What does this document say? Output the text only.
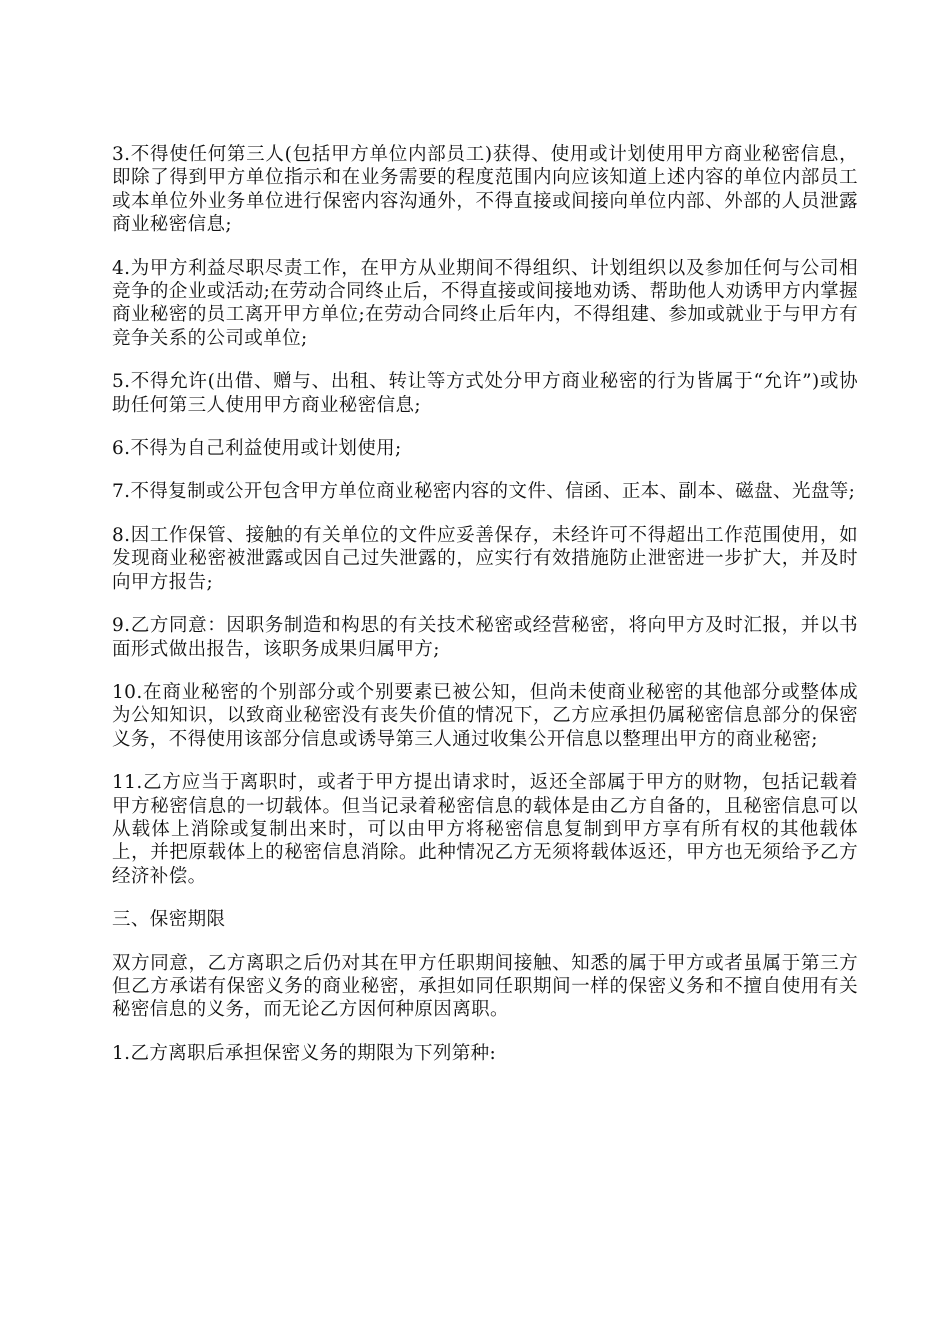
3.不得使任何第三人(包括甲方单位内部员工)获得、使用或计划使用甲方商业秘密信息，即除了得到甲方单位指示和在业务需要的程度范围内向应该知道上述内容的单位内部员工或本单位外业务单位进行保密内容沟通外，不得直接或间接向单位内部、外部的人员泄露商业秘密信息;

4.为甲方利益尽职尽责工作，在甲方从业期间不得组织、计划组织以及参加任何与公司相竞争的企业或活动;在劳动合同终止后，不得直接或间接地劝诱、帮助他人劝诱甲方内掌握商业秘密的员工离开甲方单位;在劳动合同终止后年内，不得组建、参加或就业于与甲方有竞争关系的公司或单位;

5.不得允许(出借、赠与、出租、转让等方式处分甲方商业秘密的行为皆属于“允许”)或协助任何第三人使用甲方商业秘密信息;

6.不得为自己利益使用或计划使用;

7.不得复制或公开包含甲方单位商业秘密内容的文件、信函、正本、副本、磁盘、光盘等;

8.因工作保管、接触的有关单位的文件应妥善保存，未经许可不得超出工作范围使用，如发现商业秘密被泄露或因自己过失泄露的，应实行有效措施防止泄密进一步扩大，并及时向甲方报告;

9.乙方同意：因职务制造和构思的有关技术秘密或经营秘密，将向甲方及时汇报，并以书面形式做出报告，该职务成果归属甲方;

10.在商业秘密的个别部分或个别要素已被公知，但尚未使商业秘密的其他部分或整体成为公知知识，以致商业秘密没有丧失价值的情况下，乙方应承担仍属秘密信息部分的保密义务，不得使用该部分信息或诱导第三人通过收集公开信息以整理出甲方的商业秘密;

11.乙方应当于离职时，或者于甲方提出请求时，返还全部属于甲方的财物，包括记载着甲方秘密信息的一切载体。但当记录着秘密信息的载体是由乙方自备的，且秘密信息可以从载体上消除或复制出来时，可以由甲方将秘密信息复制到甲方享有所有权的其他载体上，并把原载体上的秘密信息消除。此种情况乙方无须将载体返还，甲方也无须给予乙方经济补偿。

三、保密期限

双方同意，乙方离职之后仍对其在甲方任职期间接触、知悉的属于甲方或者虽属于第三方但乙方承诺有保密义务的商业秘密，承担如同任职期间一样的保密义务和不擅自使用有关秘密信息的义务，而无论乙方因何种原因离职。

1.乙方离职后承担保密义务的期限为下列第种:
